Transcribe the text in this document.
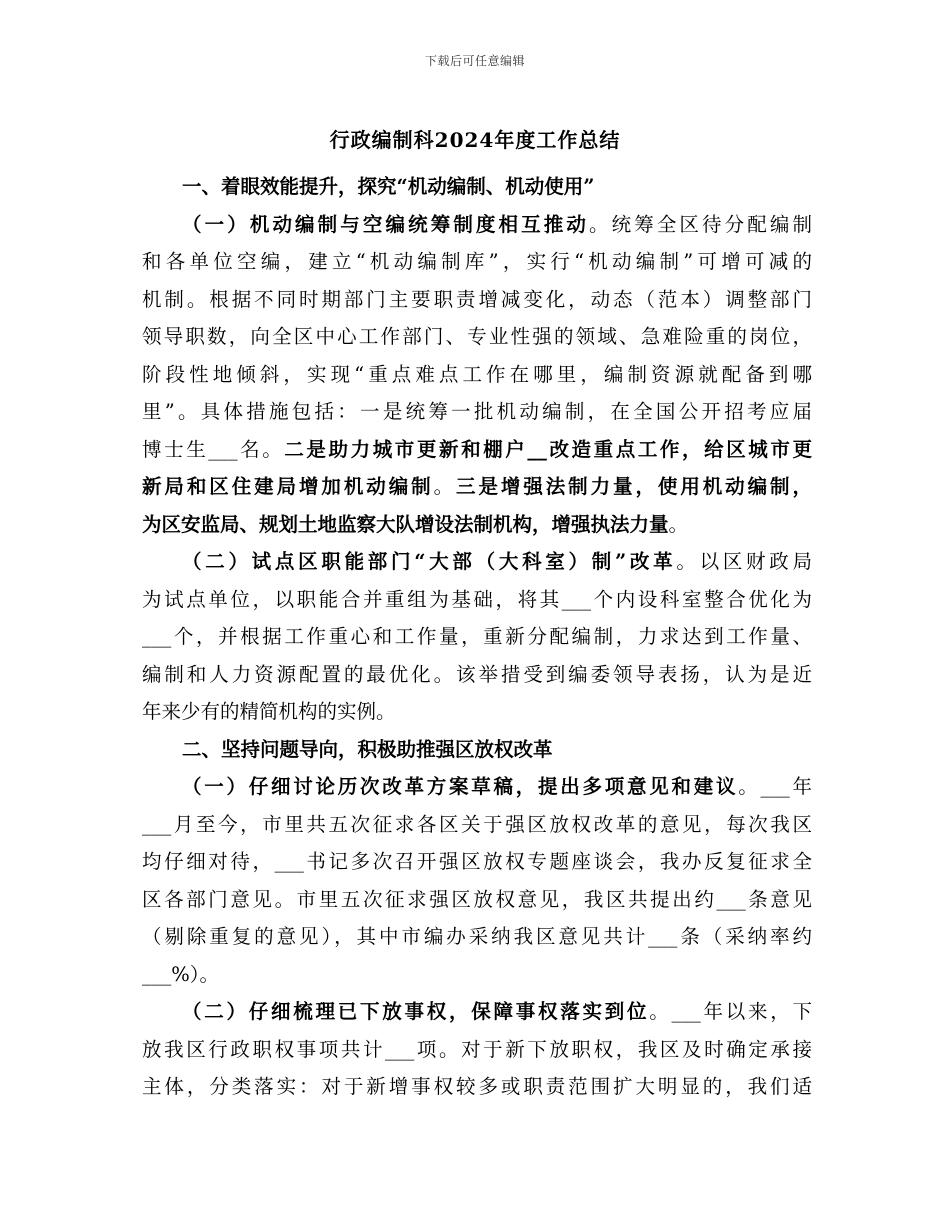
下载后可任意编辑
行政编制科2024年度工作总结
一、着眼效能提升，探究“机动编制、机动使用”
（一）机动编制与空编统筹制度相互推动。统筹全区待分配编制
和各单位空编，建立“机动编制库”，实行“机动编制”可增可减的
机制。根据不同时期部门主要职责增减变化，动态（范本）调整部门
领导职数，向全区中心工作部门、专业性强的领域、急难险重的岗位，
阶段性地倾斜，实现“重点难点工作在哪里，编制资源就配备到哪
里”。具体措施包括：一是统筹一批机动编制，在全国公开招考应届
博士生___名。二是助力城市更新和棚户__改造重点工作，给区城市更
新局和区住建局增加机动编制。三是增强法制力量，使用机动编制，
为区安监局、规划土地监察大队增设法制机构，增强执法力量。
（二）试点区职能部门“大部（大科室）制”改革。以区财政局
为试点单位，以职能合并重组为基础，将其___个内设科室整合优化为
___个，并根据工作重心和工作量，重新分配编制，力求达到工作量、
编制和人力资源配置的最优化。该举措受到编委领导表扬，认为是近
年来少有的精简机构的实例。
二、坚持问题导向，积极助推强区放权改革
（一）仔细讨论历次改革方案草稿，提出多项意见和建议。___年
___月至今，市里共五次征求各区关于强区放权改革的意见，每次我区
均仔细对待，___书记多次召开强区放权专题座谈会，我办反复征求全
区各部门意见。市里五次征求强区放权意见，我区共提出约___条意见
（剔除重复的意见），其中市编办采纳我区意见共计___条（采纳率约
___%）。
（二）仔细梳理已下放事权，保障事权落实到位。___年以来，下
放我区行政职权事项共计___项。对于新下放职权，我区及时确定承接
主体，分类落实：对于新增事权较多或职责范围扩大明显的，我们适
